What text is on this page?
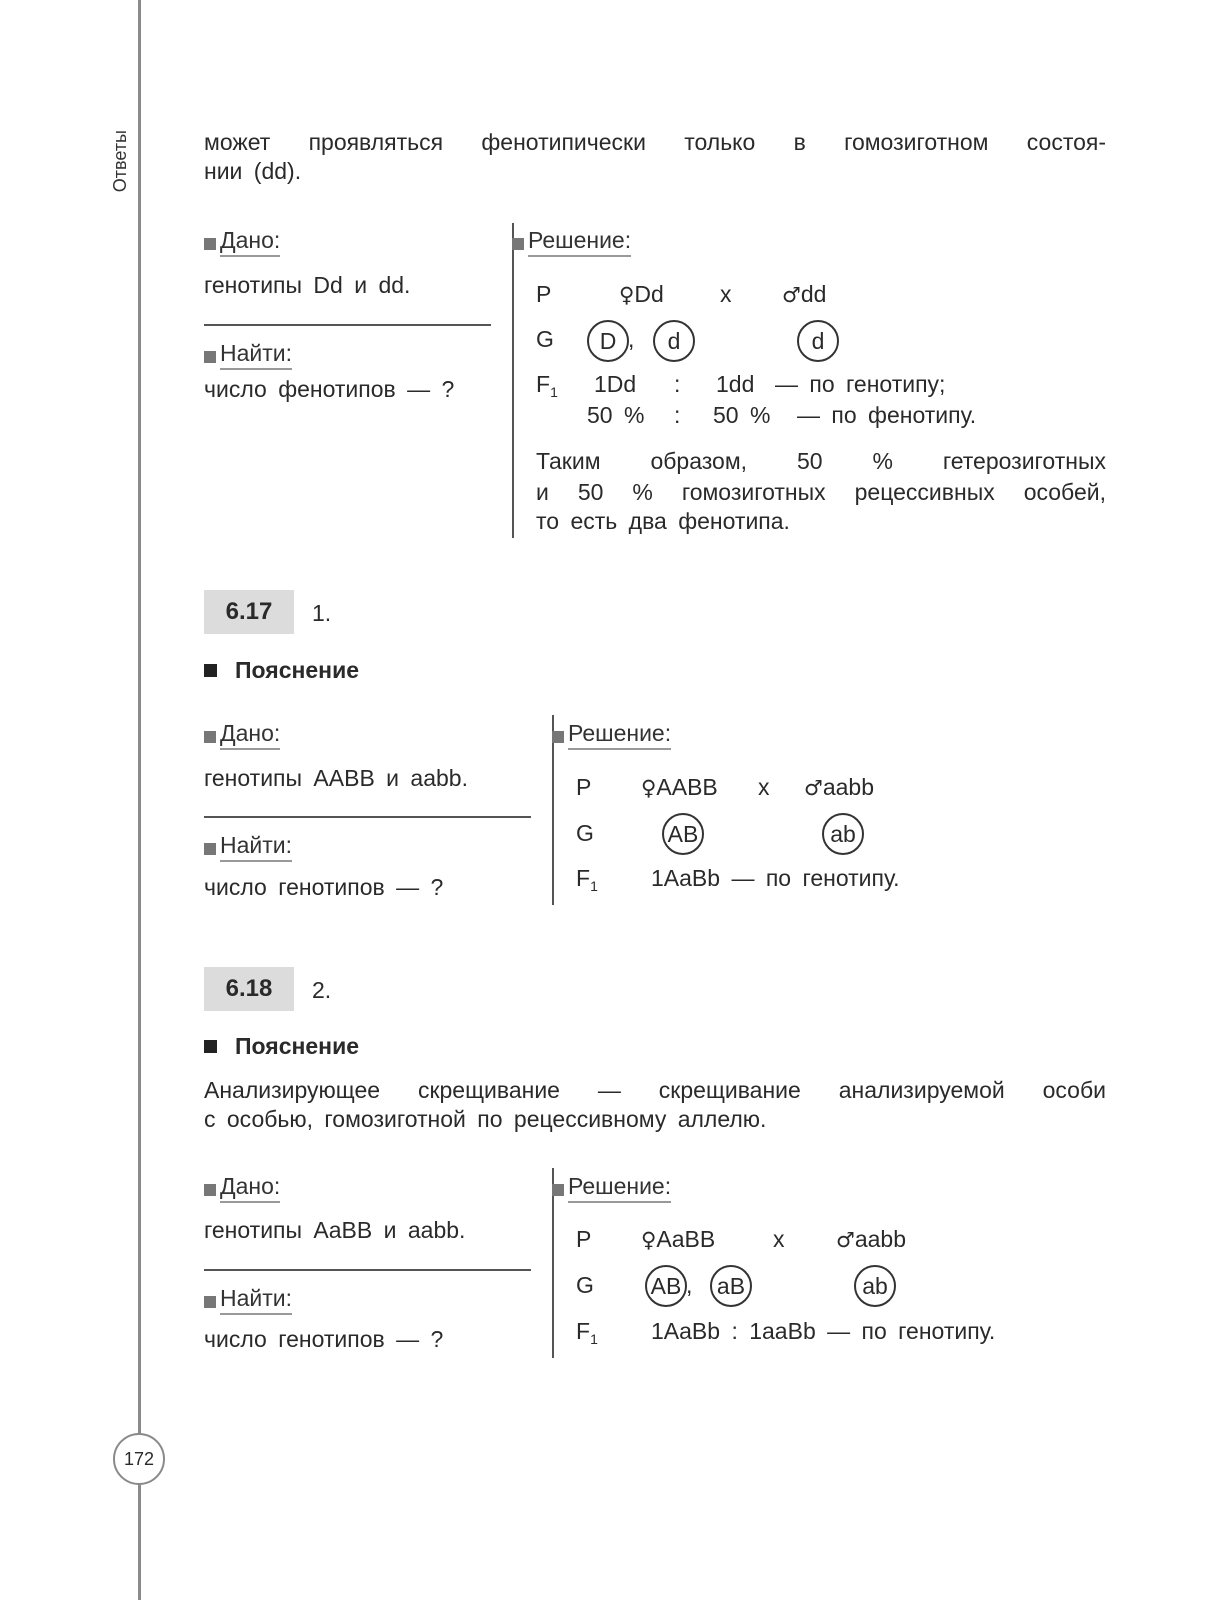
Ответы
172
может проявляться фенотипически только в гомозиготном состоя-
нии (dd).
Дано:
генотипы Dd и dd.
Найти:
число фенотипов — ?
Решение:
P	♀Dd x ♂dd
G	D ,	d	d
$F_1$ 1Dd : 1dd — по генотипу;
50 % : 50 % — по фенотипу.
Таким образом, 50 % гетерозиготных
и 50 % гомозиготных рецессивных особей,
то есть два фенотипа.
6.17	1.
Пояснение
Дано:
генотипы AABB и aabb.
Найти:
число генотипов — ?
Решение:
P ♀AABB x ♂aabb
G	AB	ab
$F_1$ 1AaBb — по генотипу.
6.18	2.
Пояснение
Анализирующее скрещивание — скрещивание анализируемой особи
с особью, гомозиготной по рецессивному аллелю.
Дано:
генотипы AaBB и aabb.
Найти:
число генотипов — ?
Решение:
P ♀AaBB	x ♂aabb
G AB ,	aB	ab
$F_1$ 1AaBb : 1aaBb — по генотипу.
